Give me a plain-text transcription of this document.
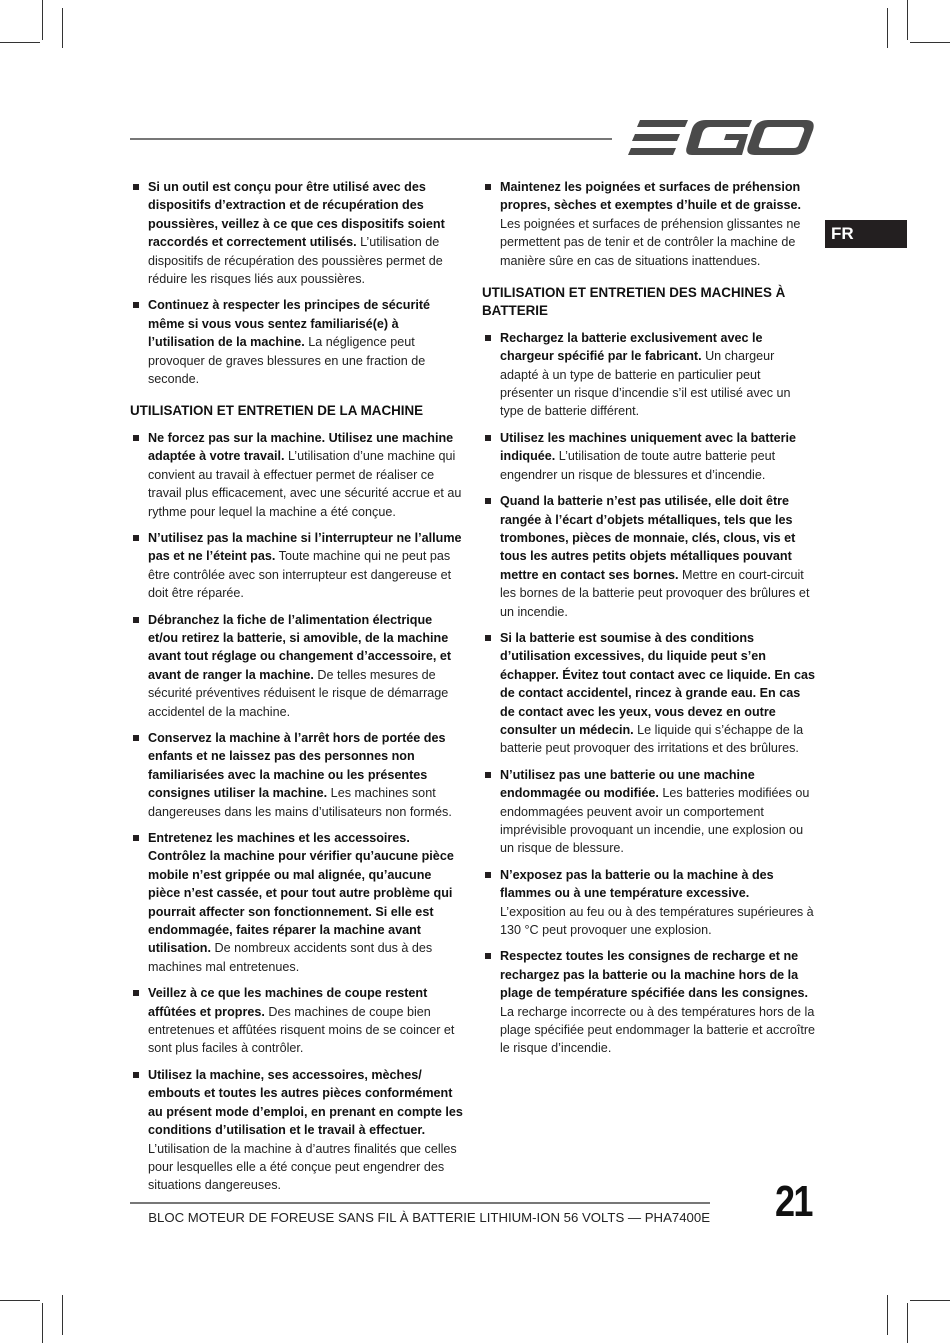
FR
Si un outil est conçu pour être utilisé avec des dispositifs d’extraction et de récupération des poussières, veillez à ce que ces dispositifs soient raccordés et correctement utilisés. L’utilisation de dispositifs de récupération des poussières permet de réduire les risques liés aux poussières.
Continuez à respecter les principes de sécurité même si vous vous sentez familiarisé(e) à l’utilisation de la machine. La négligence peut provoquer de graves blessures en une fraction de seconde.
UTILISATION ET ENTRETIEN DE LA MACHINE
Ne forcez pas sur la machine. Utilisez une machine adaptée à votre travail. L’utilisation d’une machine qui convient au travail à effectuer permet de réaliser ce travail plus efficacement, avec une sécurité accrue et au rythme pour lequel la machine a été conçue.
N’utilisez pas la machine si l’interrupteur ne l’allume pas et ne l’éteint pas. Toute machine qui ne peut pas être contrôlée avec son interrupteur est dangereuse et doit être réparée.
Débranchez la fiche de l’alimentation électrique et/ou retirez la batterie, si amovible, de la machine avant tout réglage ou changement d’accessoire, et avant de ranger la machine. De telles mesures de sécurité préventives réduisent le risque de démarrage accidentel de la machine.
Conservez la machine à l’arrêt hors de portée des enfants et ne laissez pas des personnes non familiarisées avec la machine ou les présentes consignes utiliser la machine. Les machines sont dangereuses dans les mains d’utilisateurs non formés.
Entretenez les machines et les accessoires. Contrôlez la machine pour vérifier qu’aucune pièce mobile n’est grippée ou mal alignée, qu’aucune pièce n’est cassée, et pour tout autre problème qui pourrait affecter son fonctionnement. Si elle est endommagée, faites réparer la machine avant utilisation. De nombreux accidents sont dus à des machines mal entretenues.
Veillez à ce que les machines de coupe restent affûtées et propres. Des machines de coupe bien entretenues et affûtées risquent moins de se coincer et sont plus faciles à contrôler.
Utilisez la machine, ses accessoires, mèches/ embouts et toutes les autres pièces conformément au présent mode d’emploi, en prenant en compte les conditions d’utilisation et le travail à effectuer. L’utilisation de la machine à d’autres finalités que celles pour lesquelles elle a été conçue peut engendrer des situations dangereuses.
Maintenez les poignées et surfaces de préhension propres, sèches et exemptes d’huile et de graisse. Les poignées et surfaces de préhension glissantes ne permettent pas de tenir et de contrôler la machine de manière sûre en cas de situations inattendues.
UTILISATION ET ENTRETIEN DES MACHINES À BATTERIE
Rechargez la batterie exclusivement avec le chargeur spécifié par le fabricant. Un chargeur adapté à un type de batterie en particulier peut présenter un risque d’incendie s’il est utilisé avec un type de batterie différent.
Utilisez les machines uniquement avec la batterie indiquée. L’utilisation de toute autre batterie peut engendrer un risque de blessures et d’incendie.
Quand la batterie n’est pas utilisée, elle doit être rangée à l’écart d’objets métalliques, tels que les trombones, pièces de monnaie, clés, clous, vis et tous les autres petits objets métalliques pouvant mettre en contact ses bornes. Mettre en court-circuit les bornes de la batterie peut provoquer des brûlures et un incendie.
Si la batterie est soumise à des conditions d’utilisation excessives, du liquide peut s’en échapper. Évitez tout contact avec ce liquide. En cas de contact accidentel, rincez à grande eau. En cas de contact avec les yeux, vous devez en outre consulter un médecin. Le liquide qui s’échappe de la batterie peut provoquer des irritations et des brûlures.
N’utilisez pas une batterie ou une machine endommagée ou modifiée. Les batteries modifiées ou endommagées peuvent avoir un comportement imprévisible provoquant un incendie, une explosion ou un risque de blessure.
N’exposez pas la batterie ou la machine à des flammes ou à une température excessive. L’exposition au feu ou à des températures supérieures à 130 °C peut provoquer une explosion.
Respectez toutes les consignes de recharge et ne rechargez pas la batterie ou la machine hors de la plage de température spécifiée dans les consignes. La recharge incorrecte ou à des températures hors de la plage spécifiée peut endommager la batterie et accroître le risque d’incendie.
BLOC MOTEUR DE FOREUSE SANS FIL À BATTERIE LITHIUM-ION 56 VOLTS — PHA7400E 21
